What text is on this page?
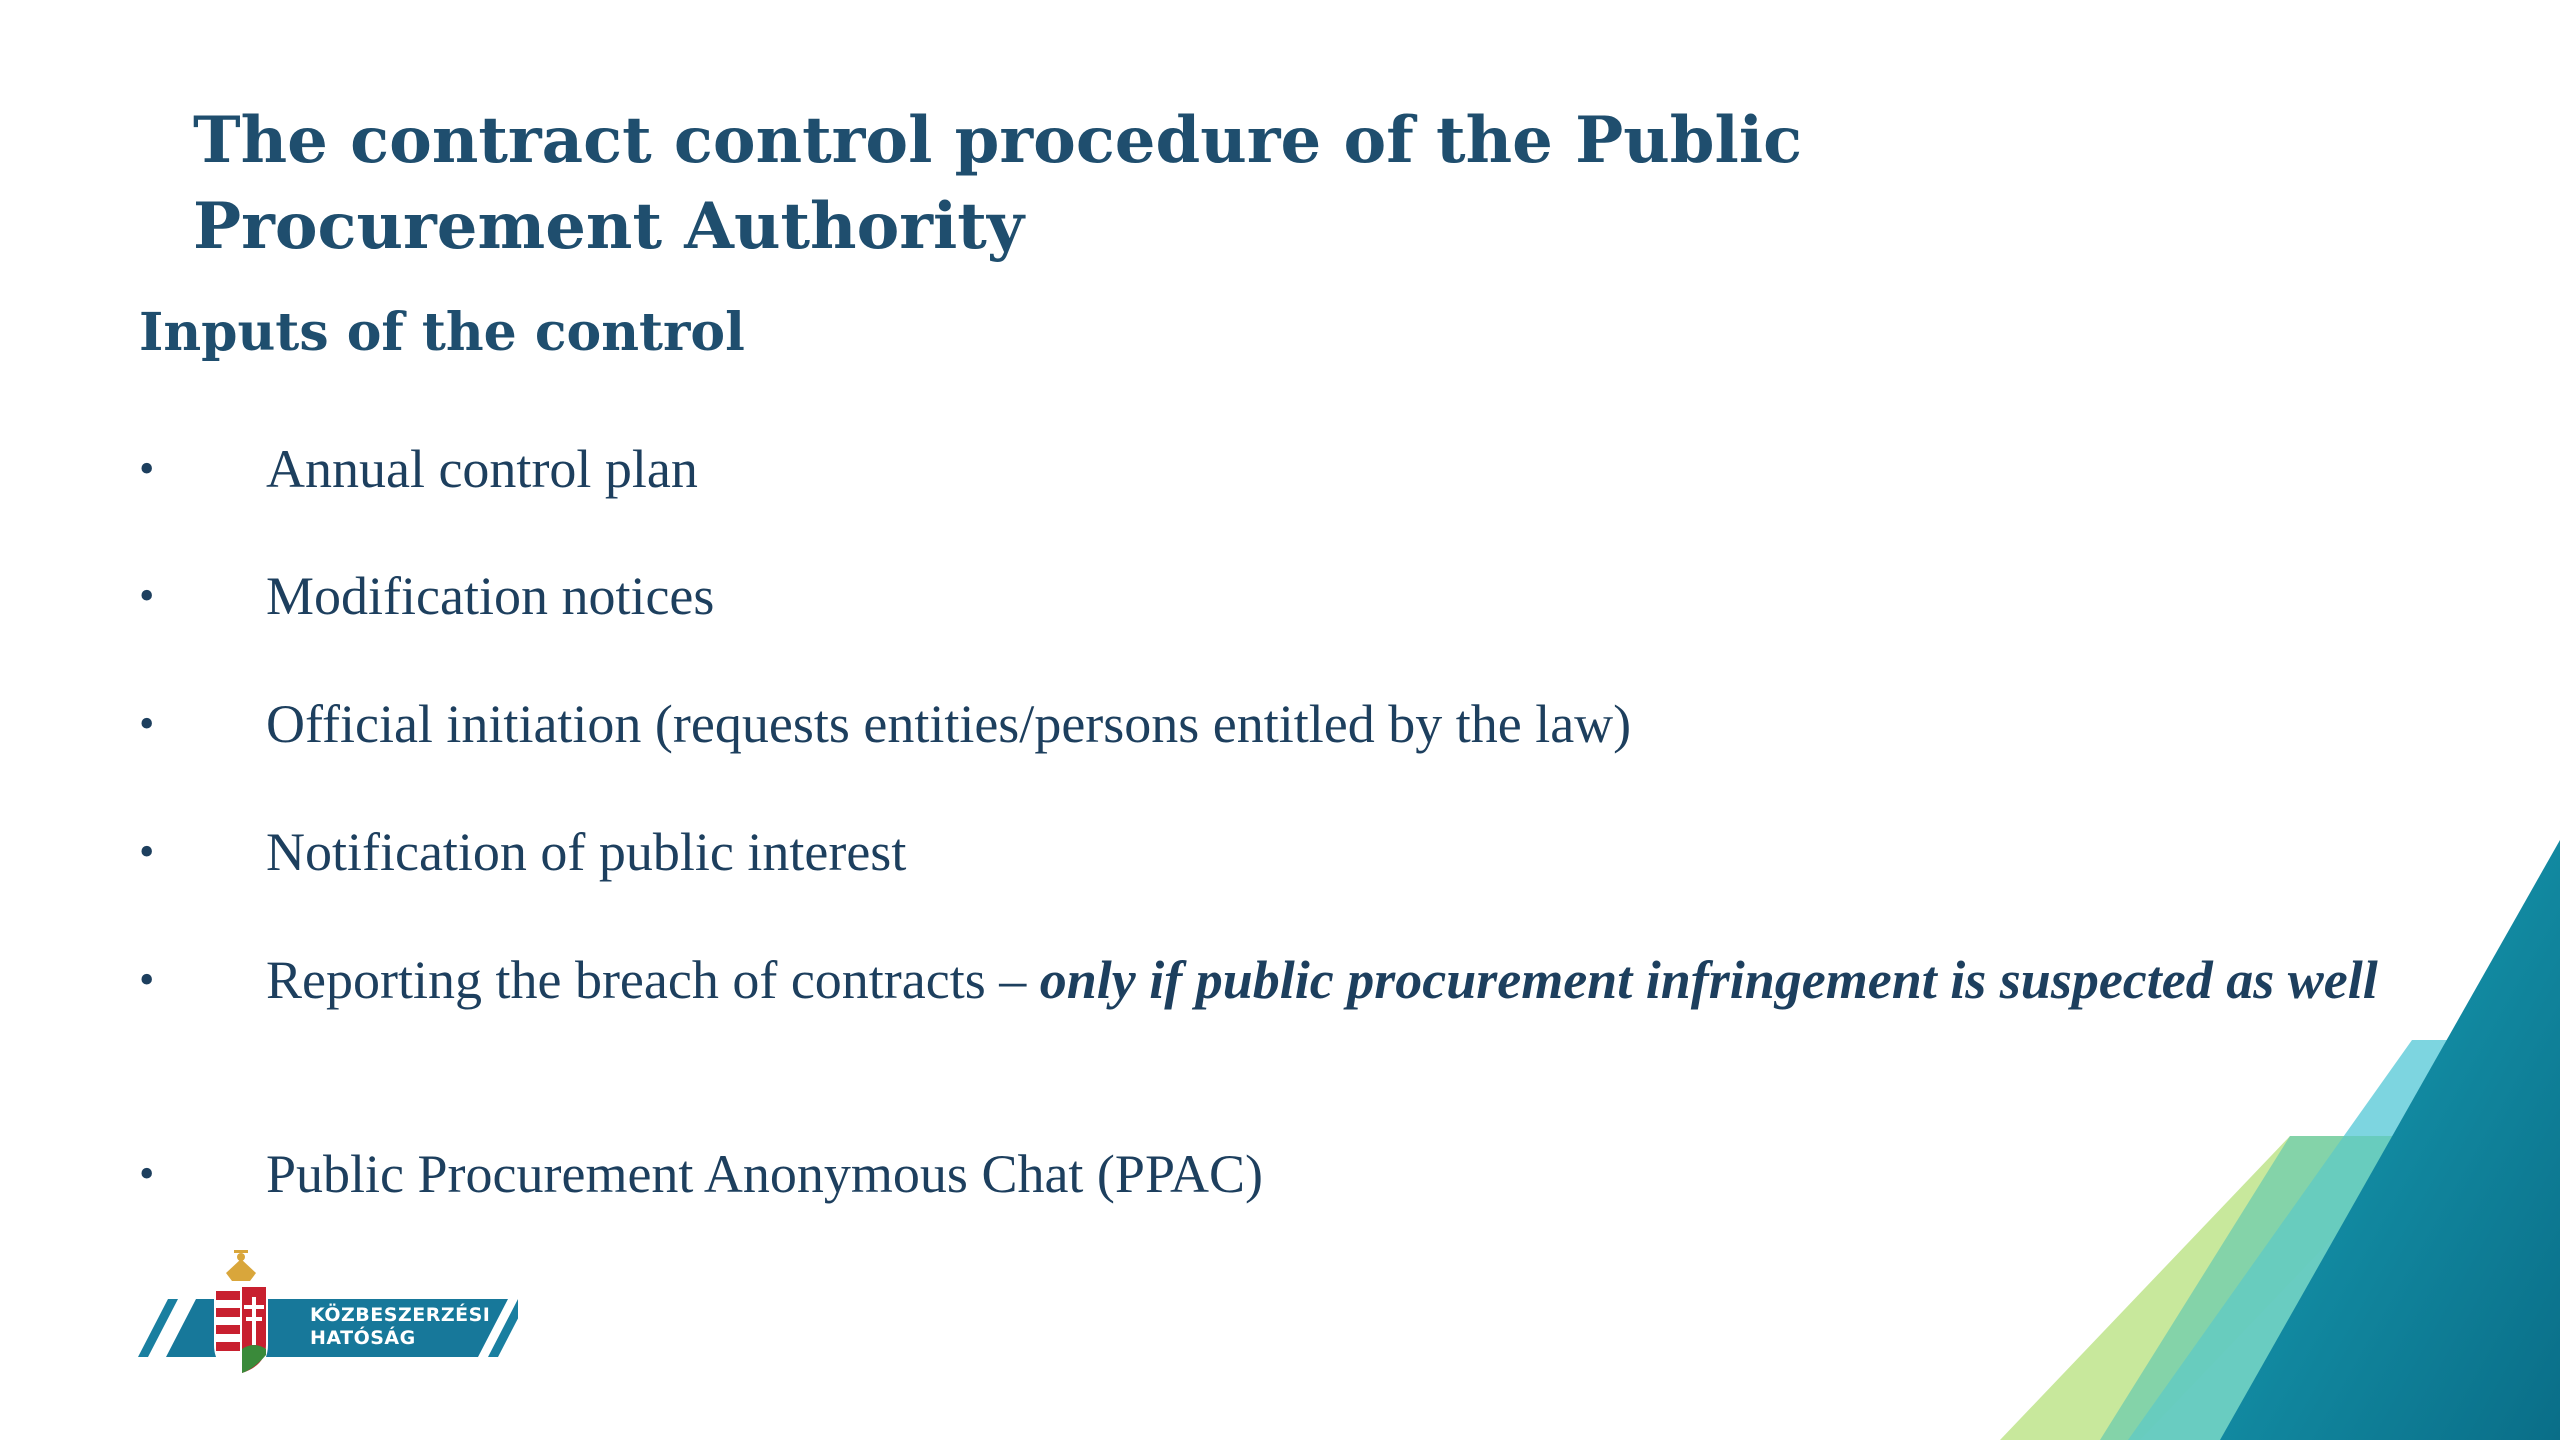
The contract control procedure of the Public Procurement Authority
Inputs of the control
•	Annual control plan
•	Modification notices
•	Official initiation (requests entities/persons entitled by the law)
•	Notification of public interest
•	Reporting the breach of contracts – only if public procurement infringement is suspected as well
•	Public Procurement Anonymous Chat (PPAC)
KÖZBESZERZÉSI
HATÓSÁG
